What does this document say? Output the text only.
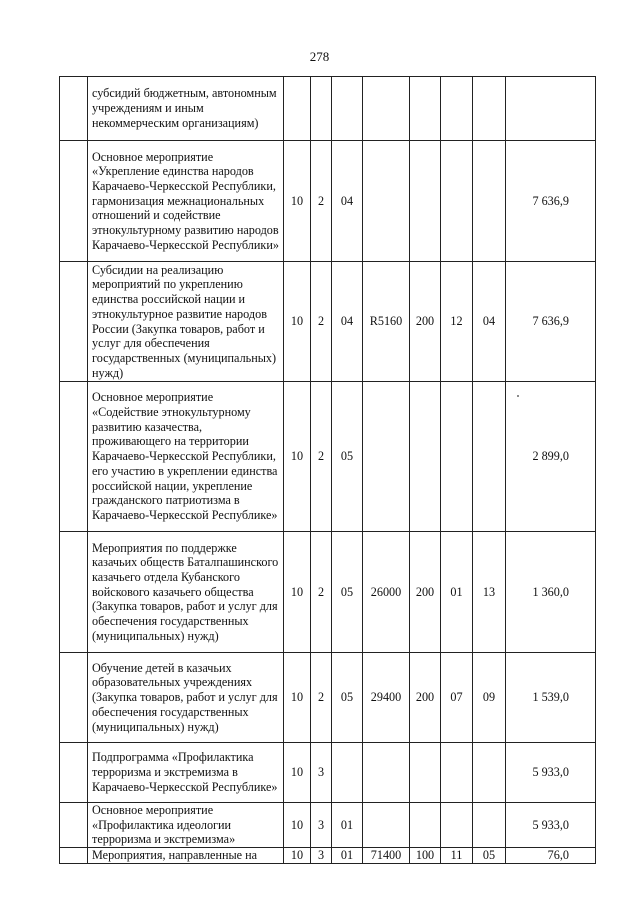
278
	субсидий бюджетным, автономным учреждениям и иным некоммерческим организациям)								
	Основное мероприятие «Укрепление единства народов Карачаево-Черкесской Республики, гармонизация межнациональных отношений и содействие этнокультурному развитию народов Карачаево-Черкесской Республики»	10	2	04					7 636,9
	Субсидии на реализацию мероприятий по укреплению единства российской нации и этнокультурное развитие народов России (Закупка товаров, работ и услуг для обеспечения государственных (муниципальных) нужд)	10	2	04	R5160	200	12	04	7 636,9
	Основное мероприятие «Содействие этнокультурному развитию казачества, проживающего на территории Карачаево-Черкесской Республики, его участию в укреплении единства российской нации, укрепление гражданского патриотизма в Карачаево-Черкесской Республике»	10	2	05					2 899,0
	Мероприятия по поддержке казачьих обществ Баталпашинского казачьего отдела Кубанского войскового казачьего общества (Закупка товаров, работ и услуг для обеспечения государственных (муниципальных) нужд)	10	2	05	26000	200	01	13	1 360,0
	Обучение детей в казачьих образовательных учреждениях (Закупка товаров, работ и услуг для обеспечения государственных (муниципальных) нужд)	10	2	05	29400	200	07	09	1 539,0
	Подпрограмма «Профилактика терроризма и экстремизма в Карачаево-Черкесской Республике»	10	3						5 933,0
	Основное мероприятие «Профилактика идеологии терроризма и экстремизма»	10	3	01					5 933,0
	Мероприятия, направленные на	10	3	01	71400	100	11	05	76,0
